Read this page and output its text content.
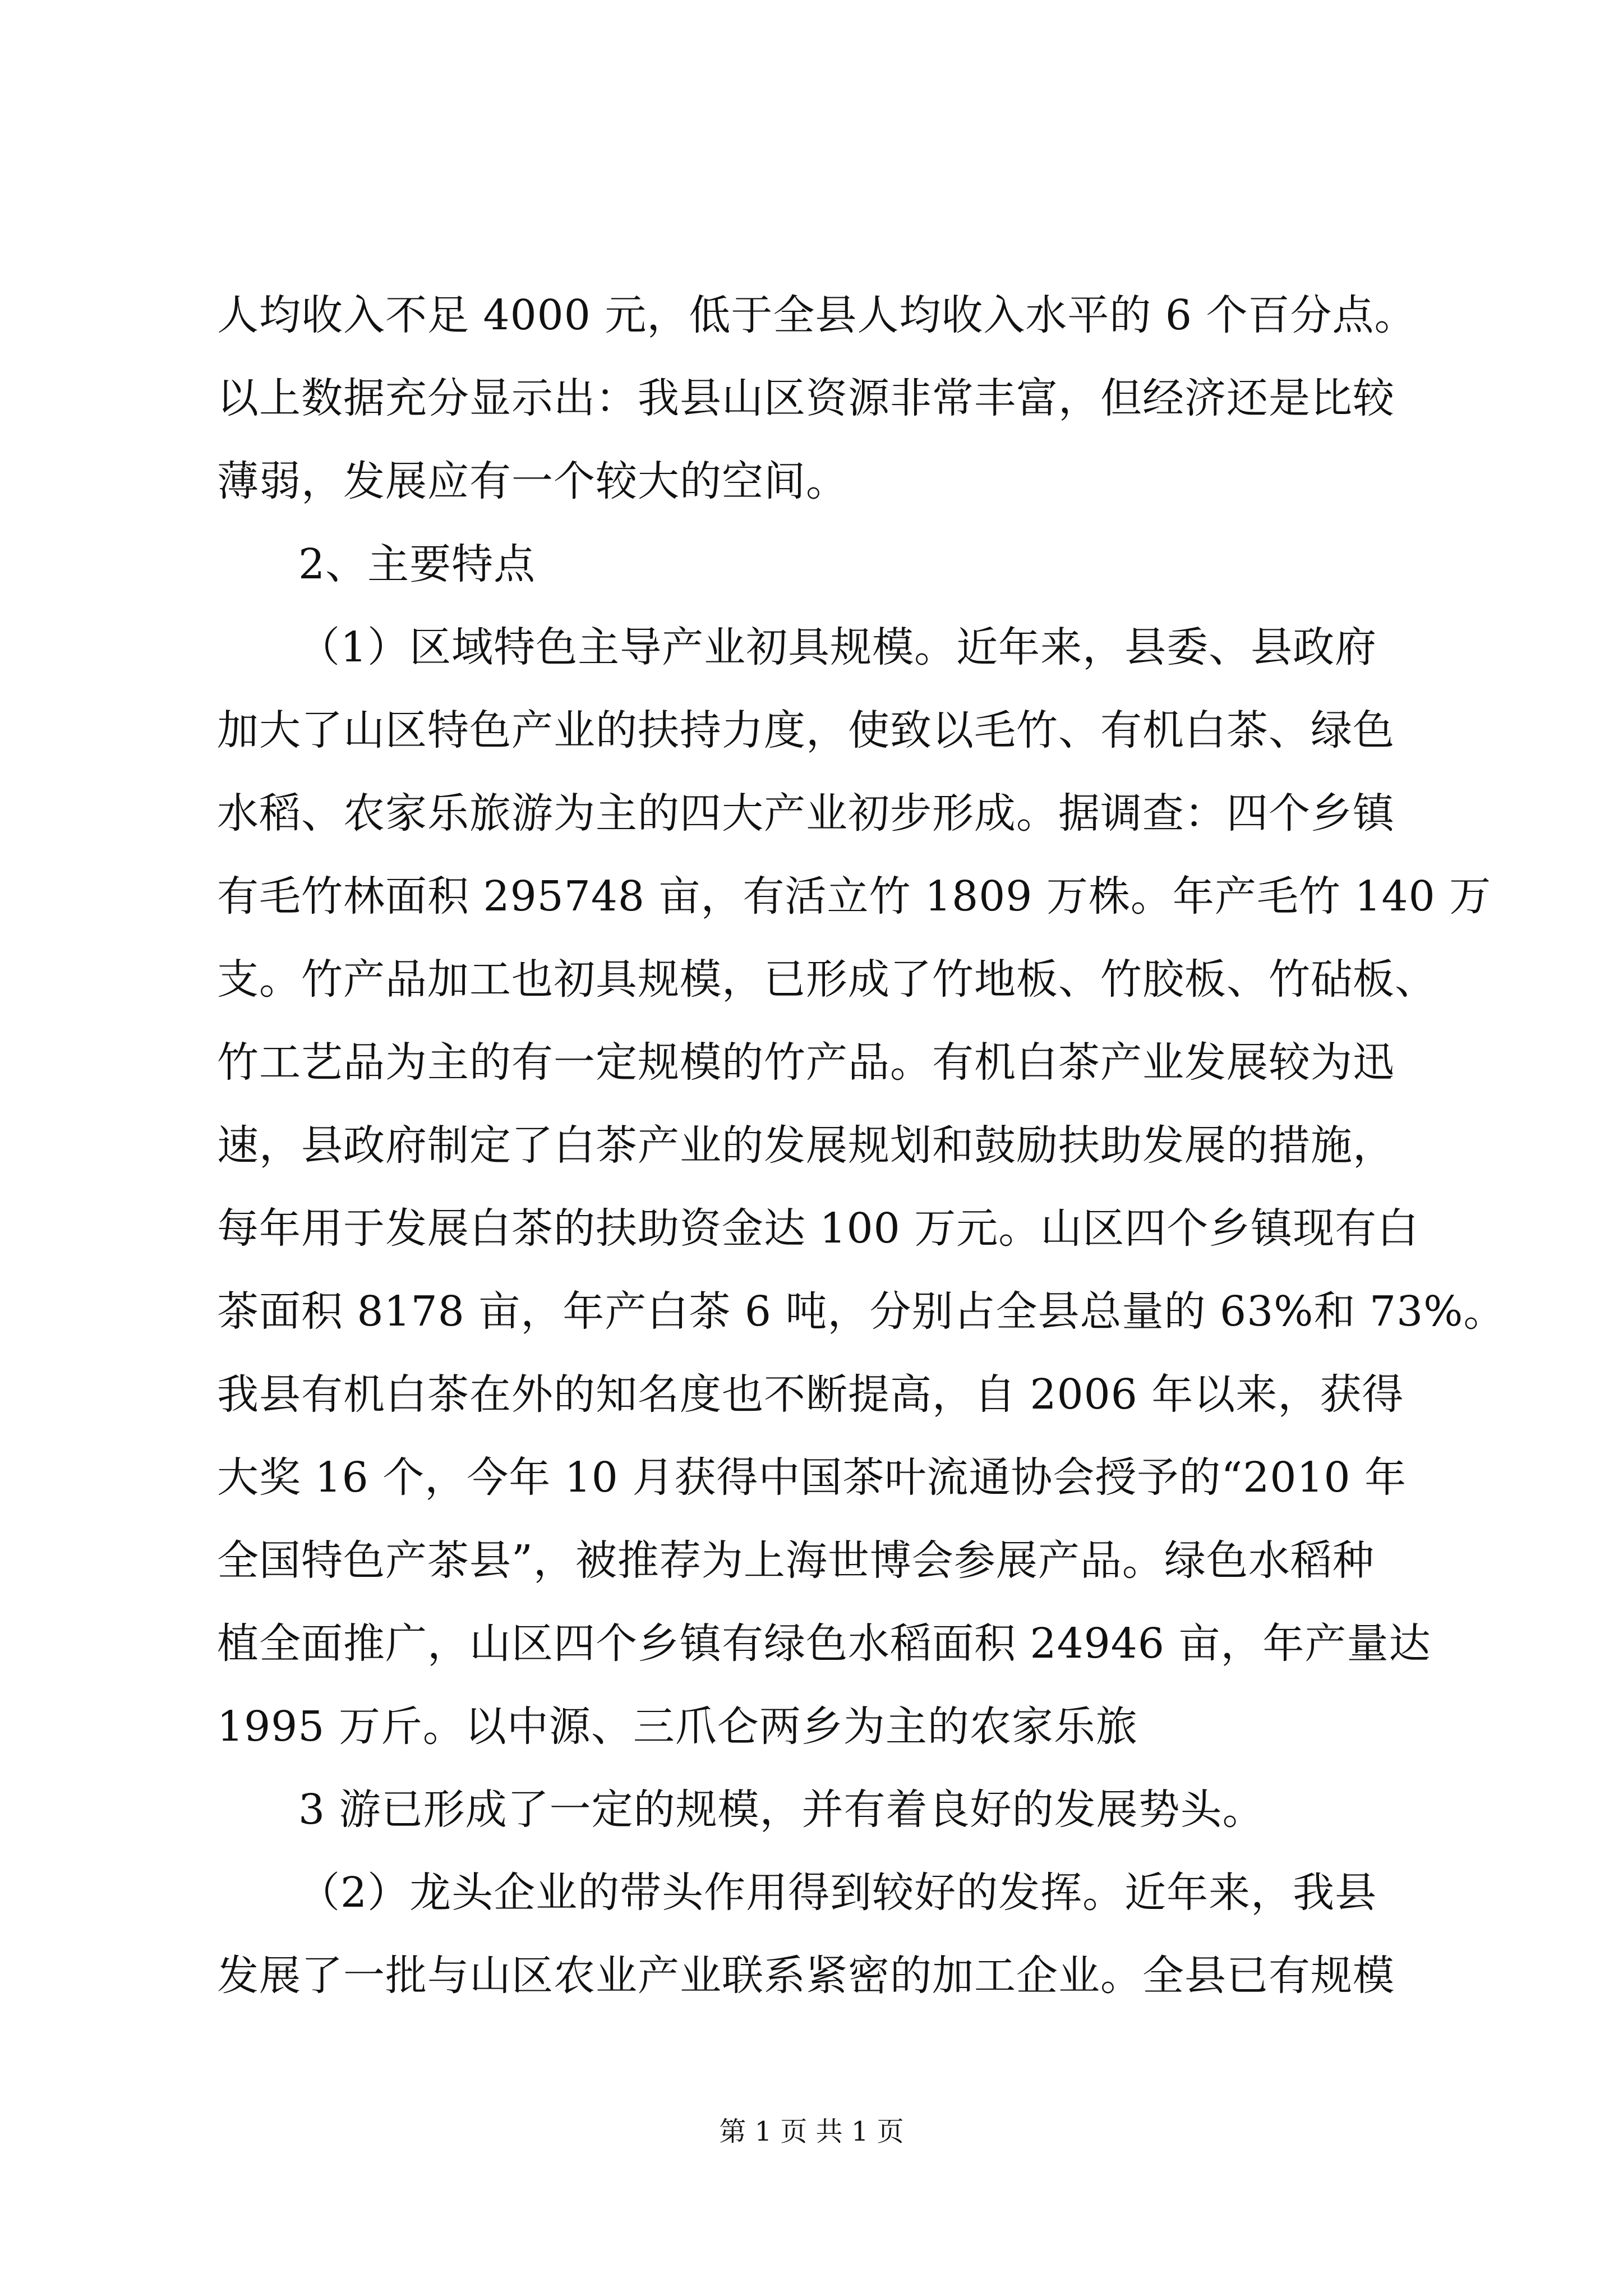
人均收入不足 4000 元，低于全县人均收入水平的 6 个百分点。
以上数据充分显示出：我县山区资源非常丰富，但经济还是比较
薄弱，发展应有一个较大的空间。
2、主要特点
（1）区域特色主导产业初具规模。近年来，县委、县政府
加大了山区特色产业的扶持力度，使致以毛竹、有机白茶、绿色
水稻、农家乐旅游为主的四大产业初步形成。据调查：四个乡镇
有毛竹林面积 295748 亩，有活立竹 1809 万株。年产毛竹 140 万
支。竹产品加工也初具规模，已形成了竹地板、竹胶板、竹砧板、
竹工艺品为主的有一定规模的竹产品。有机白茶产业发展较为迅
速，县政府制定了白茶产业的发展规划和鼓励扶助发展的措施，
每年用于发展白茶的扶助资金达 100 万元。山区四个乡镇现有白
茶面积 8178 亩，年产白茶 6 吨，分别占全县总量的 63%和 73%。
我县有机白茶在外的知名度也不断提高，自 2006 年以来，获得
大奖 16 个，今年 10 月获得中国茶叶流通协会授予的“2010 年
全国特色产茶县”，被推荐为上海世博会参展产品。绿色水稻种
植全面推广，山区四个乡镇有绿色水稻面积 24946 亩，年产量达
1995 万斤。以中源、三爪仑两乡为主的农家乐旅
3 游已形成了一定的规模，并有着良好的发展势头。
（2）龙头企业的带头作用得到较好的发挥。近年来，我县
发展了一批与山区农业产业联系紧密的加工企业。全县已有规模
第 1 页 共 1 页
